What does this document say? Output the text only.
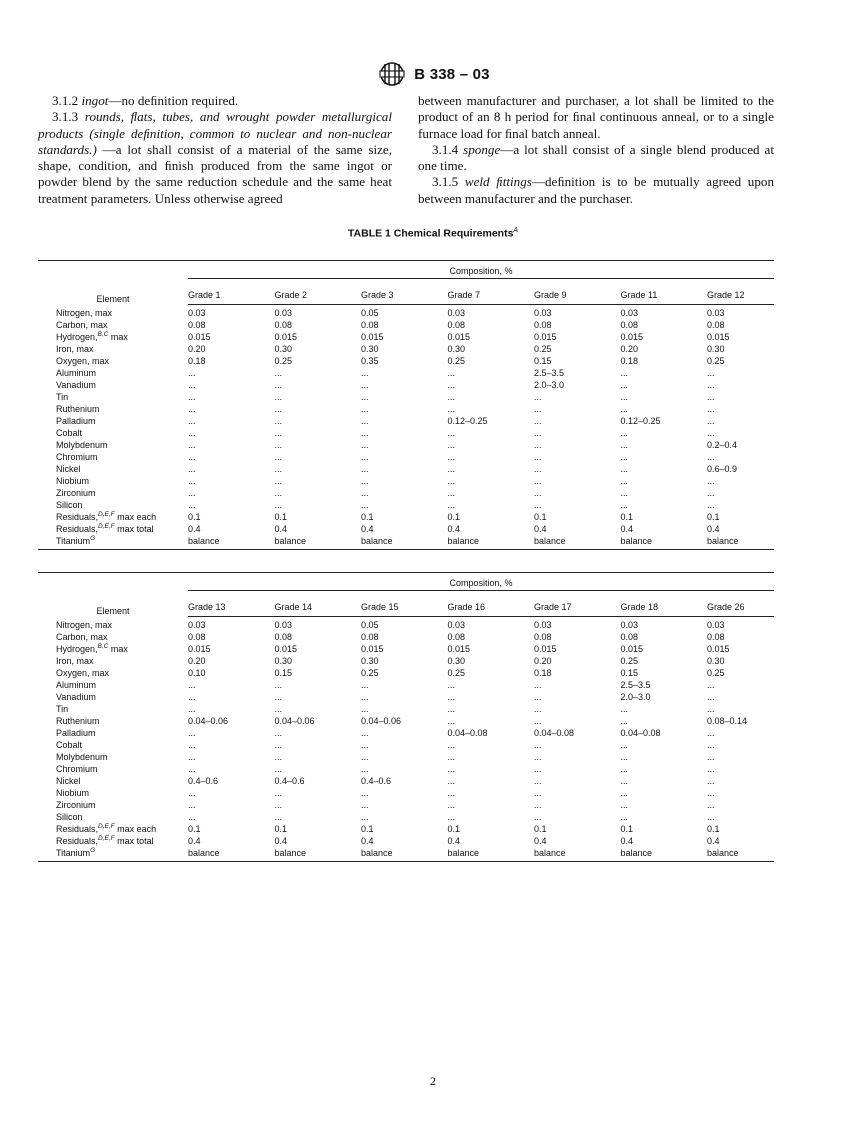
B 338 – 03

3.1.2 ingot—no deﬁnition required.

3.1.3 rounds, ﬂats, tubes, and wrought powder metallurgical products (single deﬁnition, common to nuclear and non-nuclear standards.) —a lot shall consist of a material of the same size, shape, condition, and ﬁnish produced from the same ingot or powder blend by the same reduction schedule and the same heat treatment parameters. Unless otherwise agreed

between manufacturer and purchaser, a lot shall be limited to the product of an 8 h period for ﬁnal continuous anneal, or to a single furnace load for ﬁnal batch anneal.

3.1.4 sponge—a lot shall consist of a single blend produced at one time.

3.1.5 weld ﬁttings—deﬁnition is to be mutually agreed upon between manufacturer and the purchaser.

TABLE 1 Chemical Requirements$^A$
Element	Composition, %						
	Grade 1	Grade 2	Grade 3	Grade 7	Grade 9	Grade 11	Grade 12
Nitrogen, max	0.03	0.03	0.05	0.03	0.03	0.03	0.03
Carbon, max	0.08	0.08	0.08	0.08	0.08	0.08	0.08
Hydrogen,$^{B,C}$ max	0.015	0.015	0.015	0.015	0.015	0.015	0.015
Iron, max	0.20	0.30	0.30	0.30	0.25	0.20	0.30
Oxygen, max	0.18	0.25	0.35	0.25	0.15	0.18	0.25
Aluminum	...	...	...	...	2.5–3.5	...	...
Vanadium	...	...	...	...	2.0–3.0	...	...
Tin	...	...	...	...	...	...	...
Ruthenium	...	...	...	...	...	...	...
Palladium	...	...	...	0.12–0.25	...	0.12–0.25	...
Cobalt	...	...	...	...	...	...	...
Molybdenum	...	...	...	...	...	...	0.2–0.4
Chromium	...	...	...	...	...	...	...
Nickel	...	...	...	...	...	...	0.6–0.9
Niobium	...	...	...	...	...	...	...
Zirconium	...	...	...	...	...	...	...
Silicon	...	...	...	...	...	...	...
Residuals,$^{D,E,F}$ max each	0.1	0.1	0.1	0.1	0.1	0.1	0.1
Residuals,$^{D,E,F}$ max total	0.4	0.4	0.4	0.4	0.4	0.4	0.4
Titanium$^G$	balance	balance	balance	balance	balance	balance	balance
Element	Composition, %						
	Grade 13	Grade 14	Grade 15	Grade 16	Grade 17	Grade 18	Grade 26
Nitrogen, max	0.03	0.03	0.05	0.03	0.03	0.03	0.03
Carbon, max	0.08	0.08	0.08	0.08	0.08	0.08	0.08
Hydrogen,$^{B,C}$ max	0.015	0.015	0.015	0.015	0.015	0.015	0.015
Iron, max	0.20	0.30	0.30	0.30	0.20	0.25	0.30
Oxygen, max	0.10	0.15	0.25	0.25	0.18	0.15	0.25
Aluminum	...	...	...	...	...	2.5–3.5	...
Vanadium	...	...	...	...	...	2.0–3.0	...
Tin	...	...	...	...	...	...	...
Ruthenium	0.04–0.06	0.04–0.06	0.04–0.06	...	...	...	0.08–0.14
Palladium	...	...	...	0.04–0.08	0.04–0.08	0.04–0.08	...
Cobalt	...	...	...	...	...	...	...
Molybdenum	...	...	...	...	...	...	...
Chromium	...	...	...	...	...	...	...
Nickel	0.4–0.6	0.4–0.6	0.4–0.6	...	...	...	...
Niobium	...	...	...	...	...	...	...
Zirconium	...	...	...	...	...	...	...
Silicon	...	...	...	...	...	...	...
Residuals,$^{D,E,F}$ max each	0.1	0.1	0.1	0.1	0.1	0.1	0.1
Residuals,$^{D,E,F}$ max total	0.4	0.4	0.4	0.4	0.4	0.4	0.4
Titanium$^G$	balance	balance	balance	balance	balance	balance	balance
2
